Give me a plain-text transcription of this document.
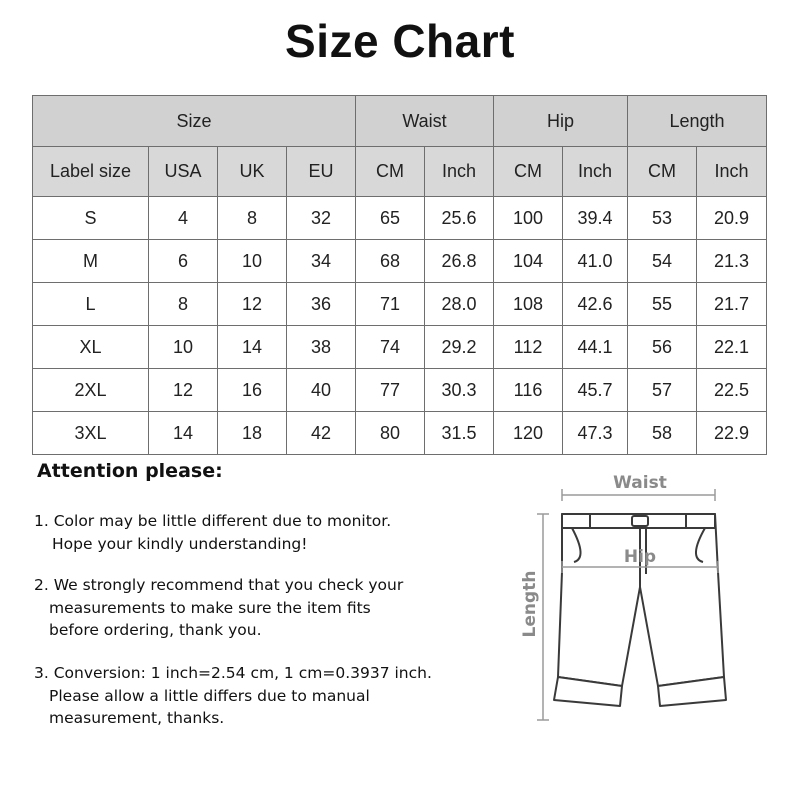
Size Chart
Size				Waist		Hip		Length	
Label size	USA	UK	EU	CM	Inch	CM	Inch	CM	Inch
S	4	8	32	65	25.6	100	39.4	53	20.9
M	6	10	34	68	26.8	104	41.0	54	21.3
L	8	12	36	71	28.0	108	42.6	55	21.7
XL	10	14	38	74	29.2	112	44.1	56	22.1
2XL	12	16	40	77	30.3	116	45.7	57	22.5
3XL	14	18	42	80	31.5	120	47.3	58	22.9
Attention please:
1. Color may be little different due to monitor.
Hope your kindly understanding!
2. We strongly recommend that you check your
measurements to make sure the item fits
before ordering, thank you.
3. Conversion: 1 inch=2.54 cm, 1 cm=0.3937 inch.
Please allow a little differs due to manual
measurement, thanks.
Waist
Length
Hip
